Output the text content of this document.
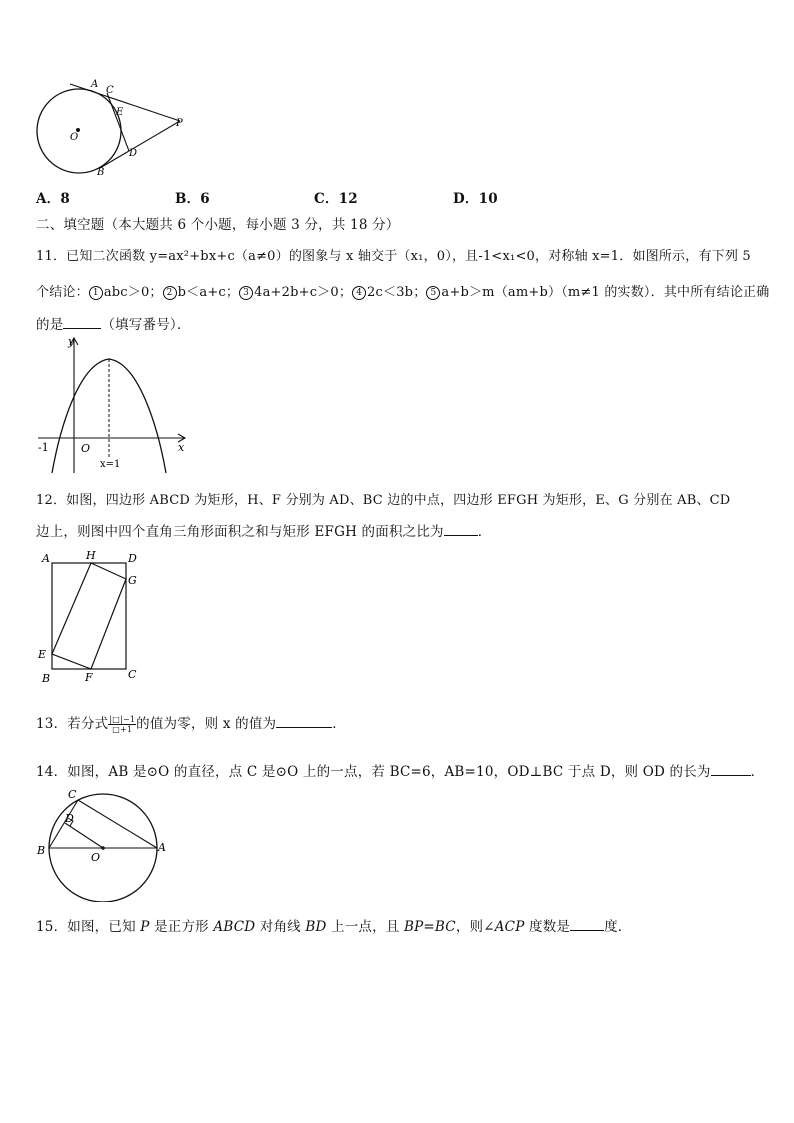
A
C
E
P
O
D
B
A．8	B．6	C．12	D．10
二、填空题（本大题共 6 个小题，每小题 3 分，共 18 分）
11．已知二次函数 y=ax²+bx+c（a≠0）的图象与 x 轴交于（x₁，0），且-1<x₁<0，对称轴 x=1．如图所示，有下列 5
个结论： 1 abc＞0； 2 b＜a+c； 3 4a+2b+c＞0； 4 2c＜3b； 5 a+b＞m（am+b）（m≠1 的实数）．其中所有结论正确
的是	（填写番号）．
y
x
O
-1
x=1
12．如图，四边形 ABCD 为矩形，H、F 分别为 AD、BC 边的中点，四边形 EFGH 为矩形，E、G 分别在 AB、CD
边上，则图中四个直角三角形面积之和与矩形 EFGH 的面积之比为	．
A	H	D
G
E
B	F	C
13．若分式 $\frac{|□|-1}{□+1}$ 的值为零，则 x 的值为	．
14．如图，AB 是⊙O 的直径，点 C 是⊙O 上的一点，若 BC=6，AB=10，OD⊥BC 于点 D，则 OD 的长为	．
C
D
B
O
A
15．如图，已知 P 是正方形 ABCD 对角线 BD 上一点，且 BP=BC，则∠ACP 度数是	度．
